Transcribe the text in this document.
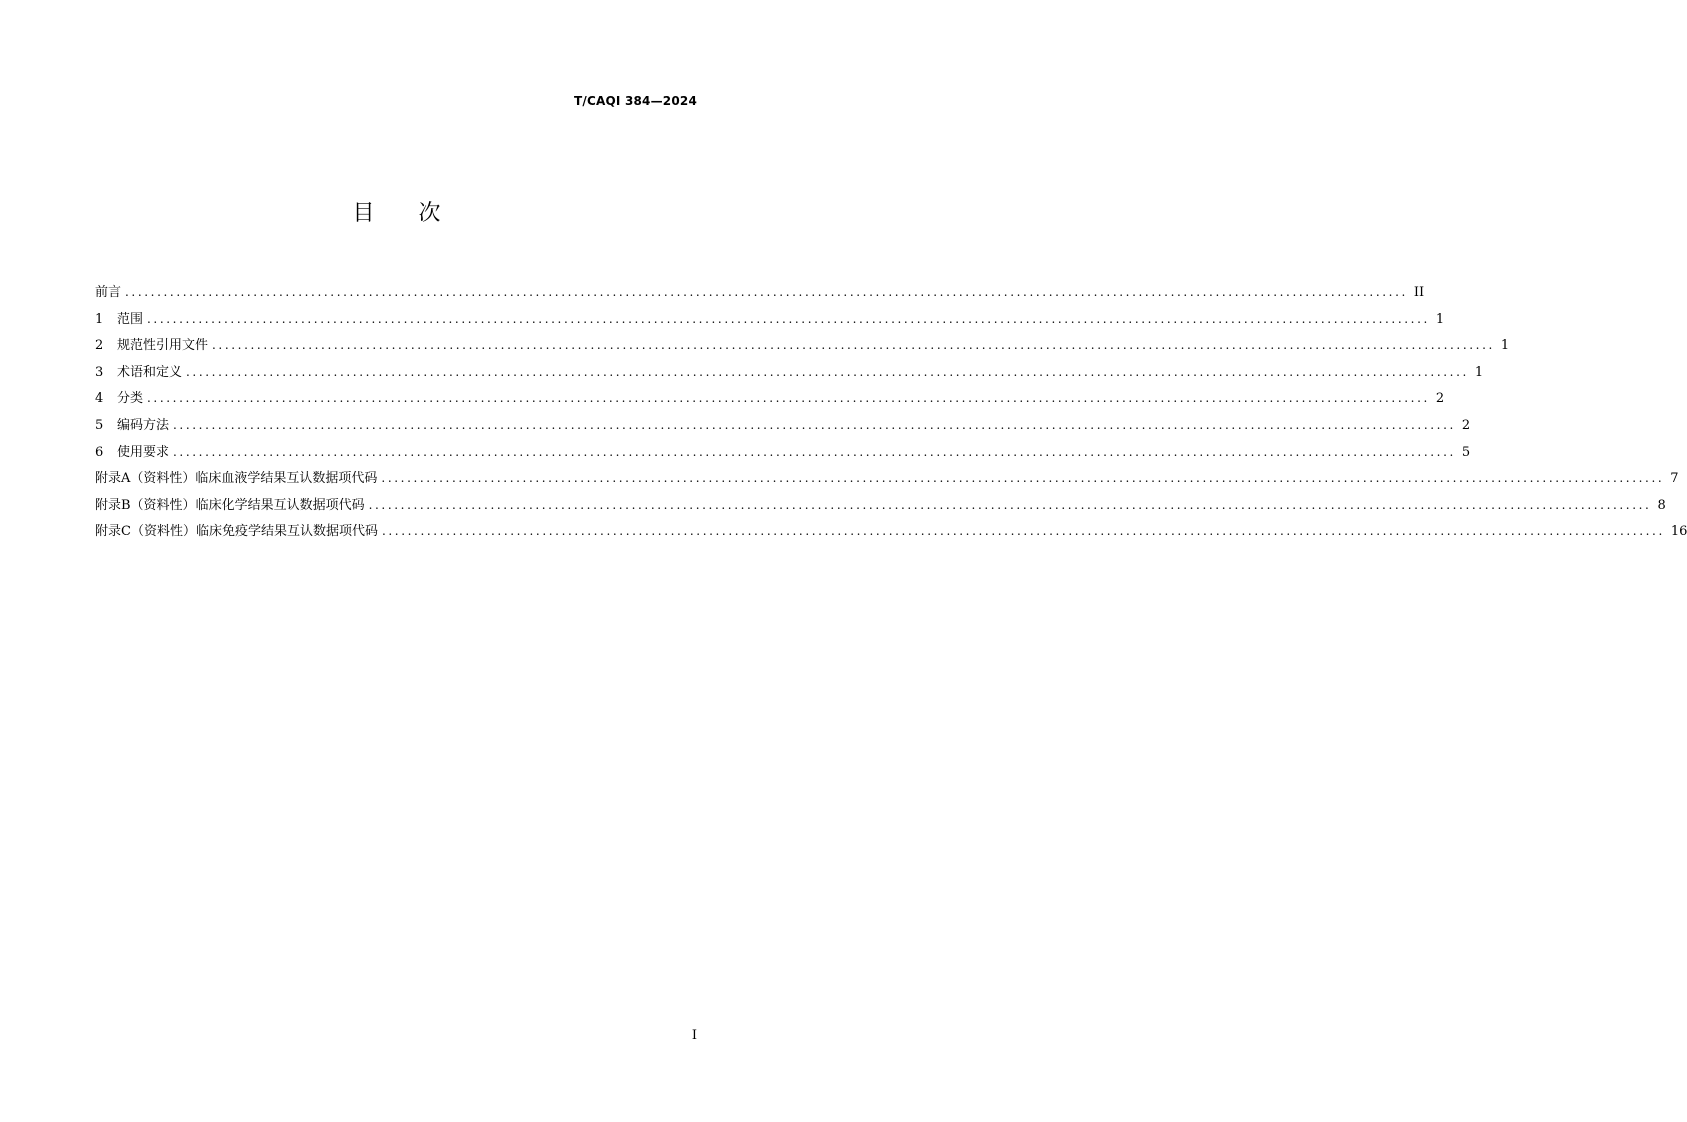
T/CAQI 384—2024
目次
前言 ........................................................................................................................................................................................................ II
1	范围 ........................................................................................................................................................................................................ 1
2	规范性引用文件 ........................................................................................................................................................................................................ 1
3	术语和定义 ........................................................................................................................................................................................................ 1
4	分类 ........................................................................................................................................................................................................ 2
5	编码方法 ........................................................................................................................................................................................................ 2
6	使用要求 ........................................................................................................................................................................................................ 5
附录A（资料性） 临床血液学结果互认数据项代码 ........................................................................................................................................................................................................ 7
附录B（资料性） 临床化学结果互认数据项代码 ........................................................................................................................................................................................................ 8
附录C（资料性） 临床免疫学结果互认数据项代码 ........................................................................................................................................................................................................ 16
I
